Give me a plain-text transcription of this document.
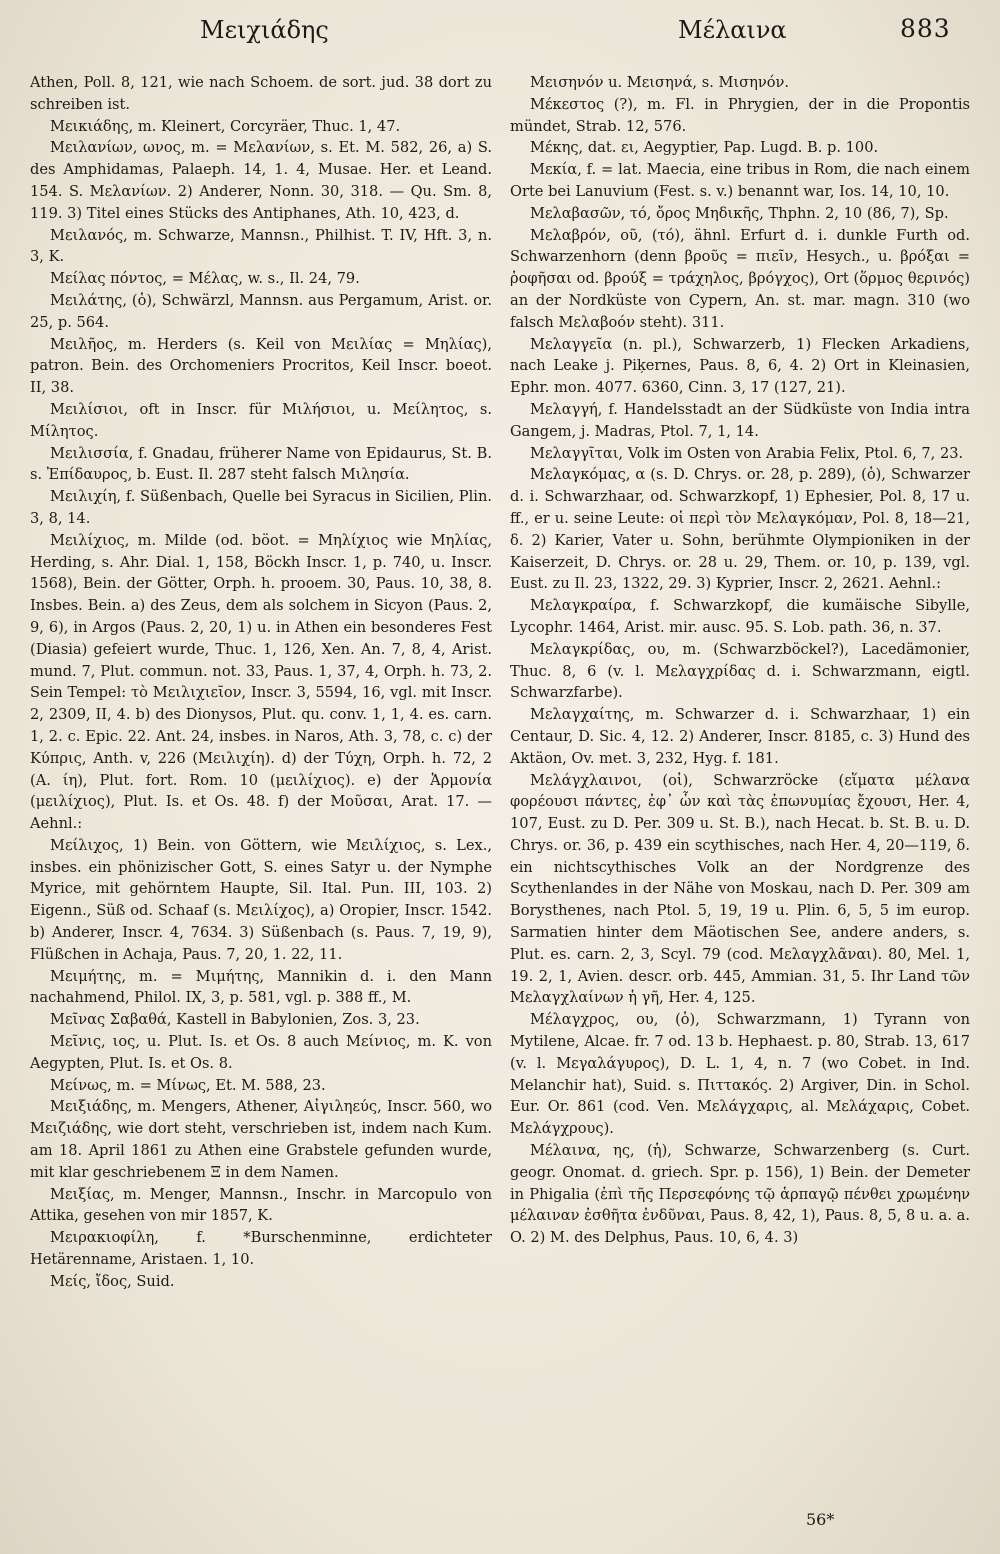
Μειχιάδης	Μέλαινα	883

Athen, Poll. 8, 121, wie nach Schoem. de sort. jud. 38 dort zu schreiben ist.

Μεικιάδης, m. Kleinert, Corcyräer, Thuc. 1, 47.

Μειλανίων, ωνος, m. = Μελανίων, s. Et. M. 582, 26, a) S. des Amphidamas, Palaeph. 14, 1. 4, Musae. Her. et Leand. 154. S. Μελανίων. 2) Anderer, Nonn. 30, 318. — Qu. Sm. 8, 119. 3) Titel eines Stücks des Antiphanes, Ath. 10, 423, d.

Μειλανός, m. Schwarze, Mannsn., Philhist. T. IV, Hft. 3, n. 3, K.

Μείλας πόντος, = Μέλας, w. s., Il. 24, 79.

Μειλάτης, (ὁ), Schwärzl, Mannsn. aus Pergamum, Arist. or. 25, p. 564.

Μειλῆος, m. Herders (s. Keil von Μειλίας = Μηλίας), patron. Bein. des Orchomeniers Procritos, Keil Inscr. boeot. II, 38.

Μειλίσιοι, oft in Inscr. für Μιλήσιοι, u. Μείλητος, s. Μίλητος.

Μειλισσία, f. Gnadau, früherer Name von Epidaurus, St. B. s. Ἐπίδαυρος, b. Eust. Il. 287 steht falsch Μιλησία.

Μειλιχίη, f. Süßenbach, Quelle bei Syracus in Sicilien, Plin. 3, 8, 14.

Μειλίχιος, m. Milde (od. böot. = Μηλίχιος wie Μηλίας, Herding, s. Ahr. Dial. 1, 158, Böckh Inscr. 1, p. 740, u. Inscr. 1568), Bein. der Götter, Orph. h. prooem. 30, Paus. 10, 38, 8. Insbes. Bein. a) des Zeus, dem als solchem in Sicyon (Paus. 2, 9, 6), in Argos (Paus. 2, 20, 1) u. in Athen ein besonderes Fest (Diasia) gefeiert wurde, Thuc. 1, 126, Xen. An. 7, 8, 4, Arist. mund. 7, Plut. commun. not. 33, Paus. 1, 37, 4, Orph. h. 73, 2. Sein Tempel: τὸ Μειλιχιεῖον, Inscr. 3, 5594, 16, vgl. mit Inscr. 2, 2309, II, 4. b) des Dionysos, Plut. qu. conv. 1, 1, 4. es. carn. 1, 2. c. Epic. 22. Ant. 24, insbes. in Naros, Ath. 3, 78, c. c) der Κύπρις, Anth. v, 226 (Μειλιχίη). d) der Τύχη, Orph. h. 72, 2 (A. ίη), Plut. fort. Rom. 10 (μειλίχιος). e) der Ἁρμονία (μειλίχιος), Plut. Is. et Os. 48. f) der Μοῦσαι, Arat. 17. — Aehnl.:

Μείλιχος, 1) Bein. von Göttern, wie Μειλίχιος, s. Lex., insbes. ein phönizischer Gott, S. eines Satyr u. der Nymphe Myrice, mit gehörntem Haupte, Sil. Ital. Pun. III, 103. 2) Eigenn., Süß od. Schaaf (s. Μειλίχος), a) Oropier, Inscr. 1542. b) Anderer, Inscr. 4, 7634. 3) Süßenbach (s. Paus. 7, 19, 9), Flüßchen in Achaja, Paus. 7, 20, 1. 22, 11.

Μειμήτης, m. = Μιμήτης, Mannikin d. i. den Mann nachahmend, Philol. IX, 3, p. 581, vgl. p. 388 ff., M.

Μεῖνας Σαβαθά, Kastell in Babylonien, Zos. 3, 23.

Μεῖνις, ιος, u. Plut. Is. et Os. 8 auch Μείνιος, m. K. von Aegypten, Plut. Is. et Os. 8.

Μείνως, m. = Μίνως, Et. M. 588, 23.

Μειξιάδης, m. Mengers, Athener, Αἰγιληεύς, Inscr. 560, wo Μειζιάδης, wie dort steht, verschrieben ist, indem nach Kum. am 18. April 1861 zu Athen eine Grabstele gefunden wurde, mit klar geschriebenem Ξ in dem Namen.

Μειξίας, m. Menger, Mannsn., Inschr. in Marcopulo von Attika, gesehen von mir 1857, K.

Μειρακιοφίλη, f. *Burschenminne, erdichteter Hetärenname, Aristaen. 1, 10.

Μείς, ἴδος, Suid.

Μεισηνόν u. Μεισηνά, s. Μισηνόν.

Μέκεστος (?), m. Fl. in Phrygien, der in die Propontis mündet, Strab. 12, 576.

Μέκης, dat. ει, Aegyptier, Pap. Lugd. B. p. 100.

Μεκία, f. = lat. Maecia, eine tribus in Rom, die nach einem Orte bei Lanuvium (Fest. s. v.) benannt war, Ios. 14, 10, 10.

Μελαβασῶν, τό, ὄρος Μηδικῆς, Thphn. 2, 10 (86, 7), Sp.

Μελαβρόν, οῦ, (τό), ähnl. Erfurt d. i. dunkle Furth od. Schwarzenhorn (denn βροῦς = πιεῖν, Hesych., u. βρόξαι = ῥοφῆσαι od. βρούξ = τράχηλος, βρόγχος), Ort (ὅρμος θερινός) an der Nordküste von Cypern, An. st. mar. magn. 310 (wo falsch Μελαβοόν steht). 311.

Μελαγγεῖα (n. pl.), Schwarzerb, 1) Flecken Arkadiens, nach Leake j. Piķernes, Paus. 8, 6, 4. 2) Ort in Kleinasien, Ephr. mon. 4077. 6360, Cinn. 3, 17 (127, 21).

Μελαγγή, f. Handelsstadt an der Südküste von India intra Gangem, j. Madras, Ptol. 7, 1, 14.

Μελαγγῖται, Volk im Osten von Arabia Felix, Ptol. 6, 7, 23.

Μελαγκόμας, α (s. D. Chrys. or. 28, p. 289), (ὁ), Schwarzer d. i. Schwarzhaar, od. Schwarzkopf, 1) Ephesier, Pol. 8, 17 u. ff., er u. seine Leute: οἱ περὶ τὸν Μελαγκόμαν, Pol. 8, 18—21, δ. 2) Karier, Vater u. Sohn, berühmte Olympioniken in der Kaiserzeit, D. Chrys. or. 28 u. 29, Them. or. 10, p. 139, vgl. Eust. zu Il. 23, 1322, 29. 3) Kyprier, Inscr. 2, 2621. Aehnl.:

Μελαγκραίρα, f. Schwarzkopf, die kumäische Sibylle, Lycophr. 1464, Arist. mir. ausc. 95. S. Lob. path. 36, n. 37.

Μελαγκρίδας, ου, m. (Schwarzböckel?), Lacedämonier, Thuc. 8, 6 (v. l. Μελαγχρίδας d. i. Schwarzmann, eigtl. Schwarzfarbe).

Μελαγχαίτης, m. Schwarzer d. i. Schwarzhaar, 1) ein Centaur, D. Sic. 4, 12. 2) Anderer, Inscr. 8185, c. 3) Hund des Aktäon, Ov. met. 3, 232, Hyg. f. 181.

Μελάγχλαινοι, (οἱ), Schwarzröcke (εἵματα μέλανα φορέουσι πάντες, ἐφ᾽ ὧν καὶ τὰς ἐπωνυμίας ἔχουσι, Her. 4, 107, Eust. zu D. Per. 309 u. St. B.), nach Hecat. b. St. B. u. D. Chrys. or. 36, p. 439 ein scythisches, nach Her. 4, 20—119, δ. ein nichtscythisches Volk an der Nordgrenze des Scythenlandes in der Nähe von Moskau, nach D. Per. 309 am Borysthenes, nach Ptol. 5, 19, 19 u. Plin. 6, 5, 5 im europ. Sarmatien hinter dem Mäotischen See, andere anders, s. Plut. es. carn. 2, 3, Scyl. 79 (cod. Μελαγχλᾶναι). 80, Mel. 1, 19. 2, 1, Avien. descr. orb. 445, Ammian. 31, 5. Ihr Land τῶν Μελαγχλαίνων ἡ γῆ, Her. 4, 125.

Μέλαγχρος, ου, (ὁ), Schwarzmann, 1) Tyrann von Mytilene, Alcae. fr. 7 od. 13 b. Hephaest. p. 80, Strab. 13, 617 (v. l. Μεγαλάγυρος), D. L. 1, 4, n. 7 (wo Cobet. in Ind. Melanchir hat), Suid. s. Πιττακός. 2) Argiver, Din. in Schol. Eur. Or. 861 (cod. Ven. Μελάγχαρις, al. Μελάχαρις, Cobet. Μελάγχρους).

Μέλαινα, ης, (ἡ), Schwarze, Schwarzenberg (s. Curt. geogr. Onomat. d. griech. Spr. p. 156), 1) Bein. der Demeter in Phigalia (ἐπὶ τῆς Περσεφόνης τῷ ἁρπαγῷ πένθει χρωμένην μέλαιναν ἐσθῆτα ἐνδῦναι, Paus. 8, 42, 1), Paus. 8, 5, 8 u. a. a. O. 2) M. des Delphus, Paus. 10, 6, 4. 3)

56*
